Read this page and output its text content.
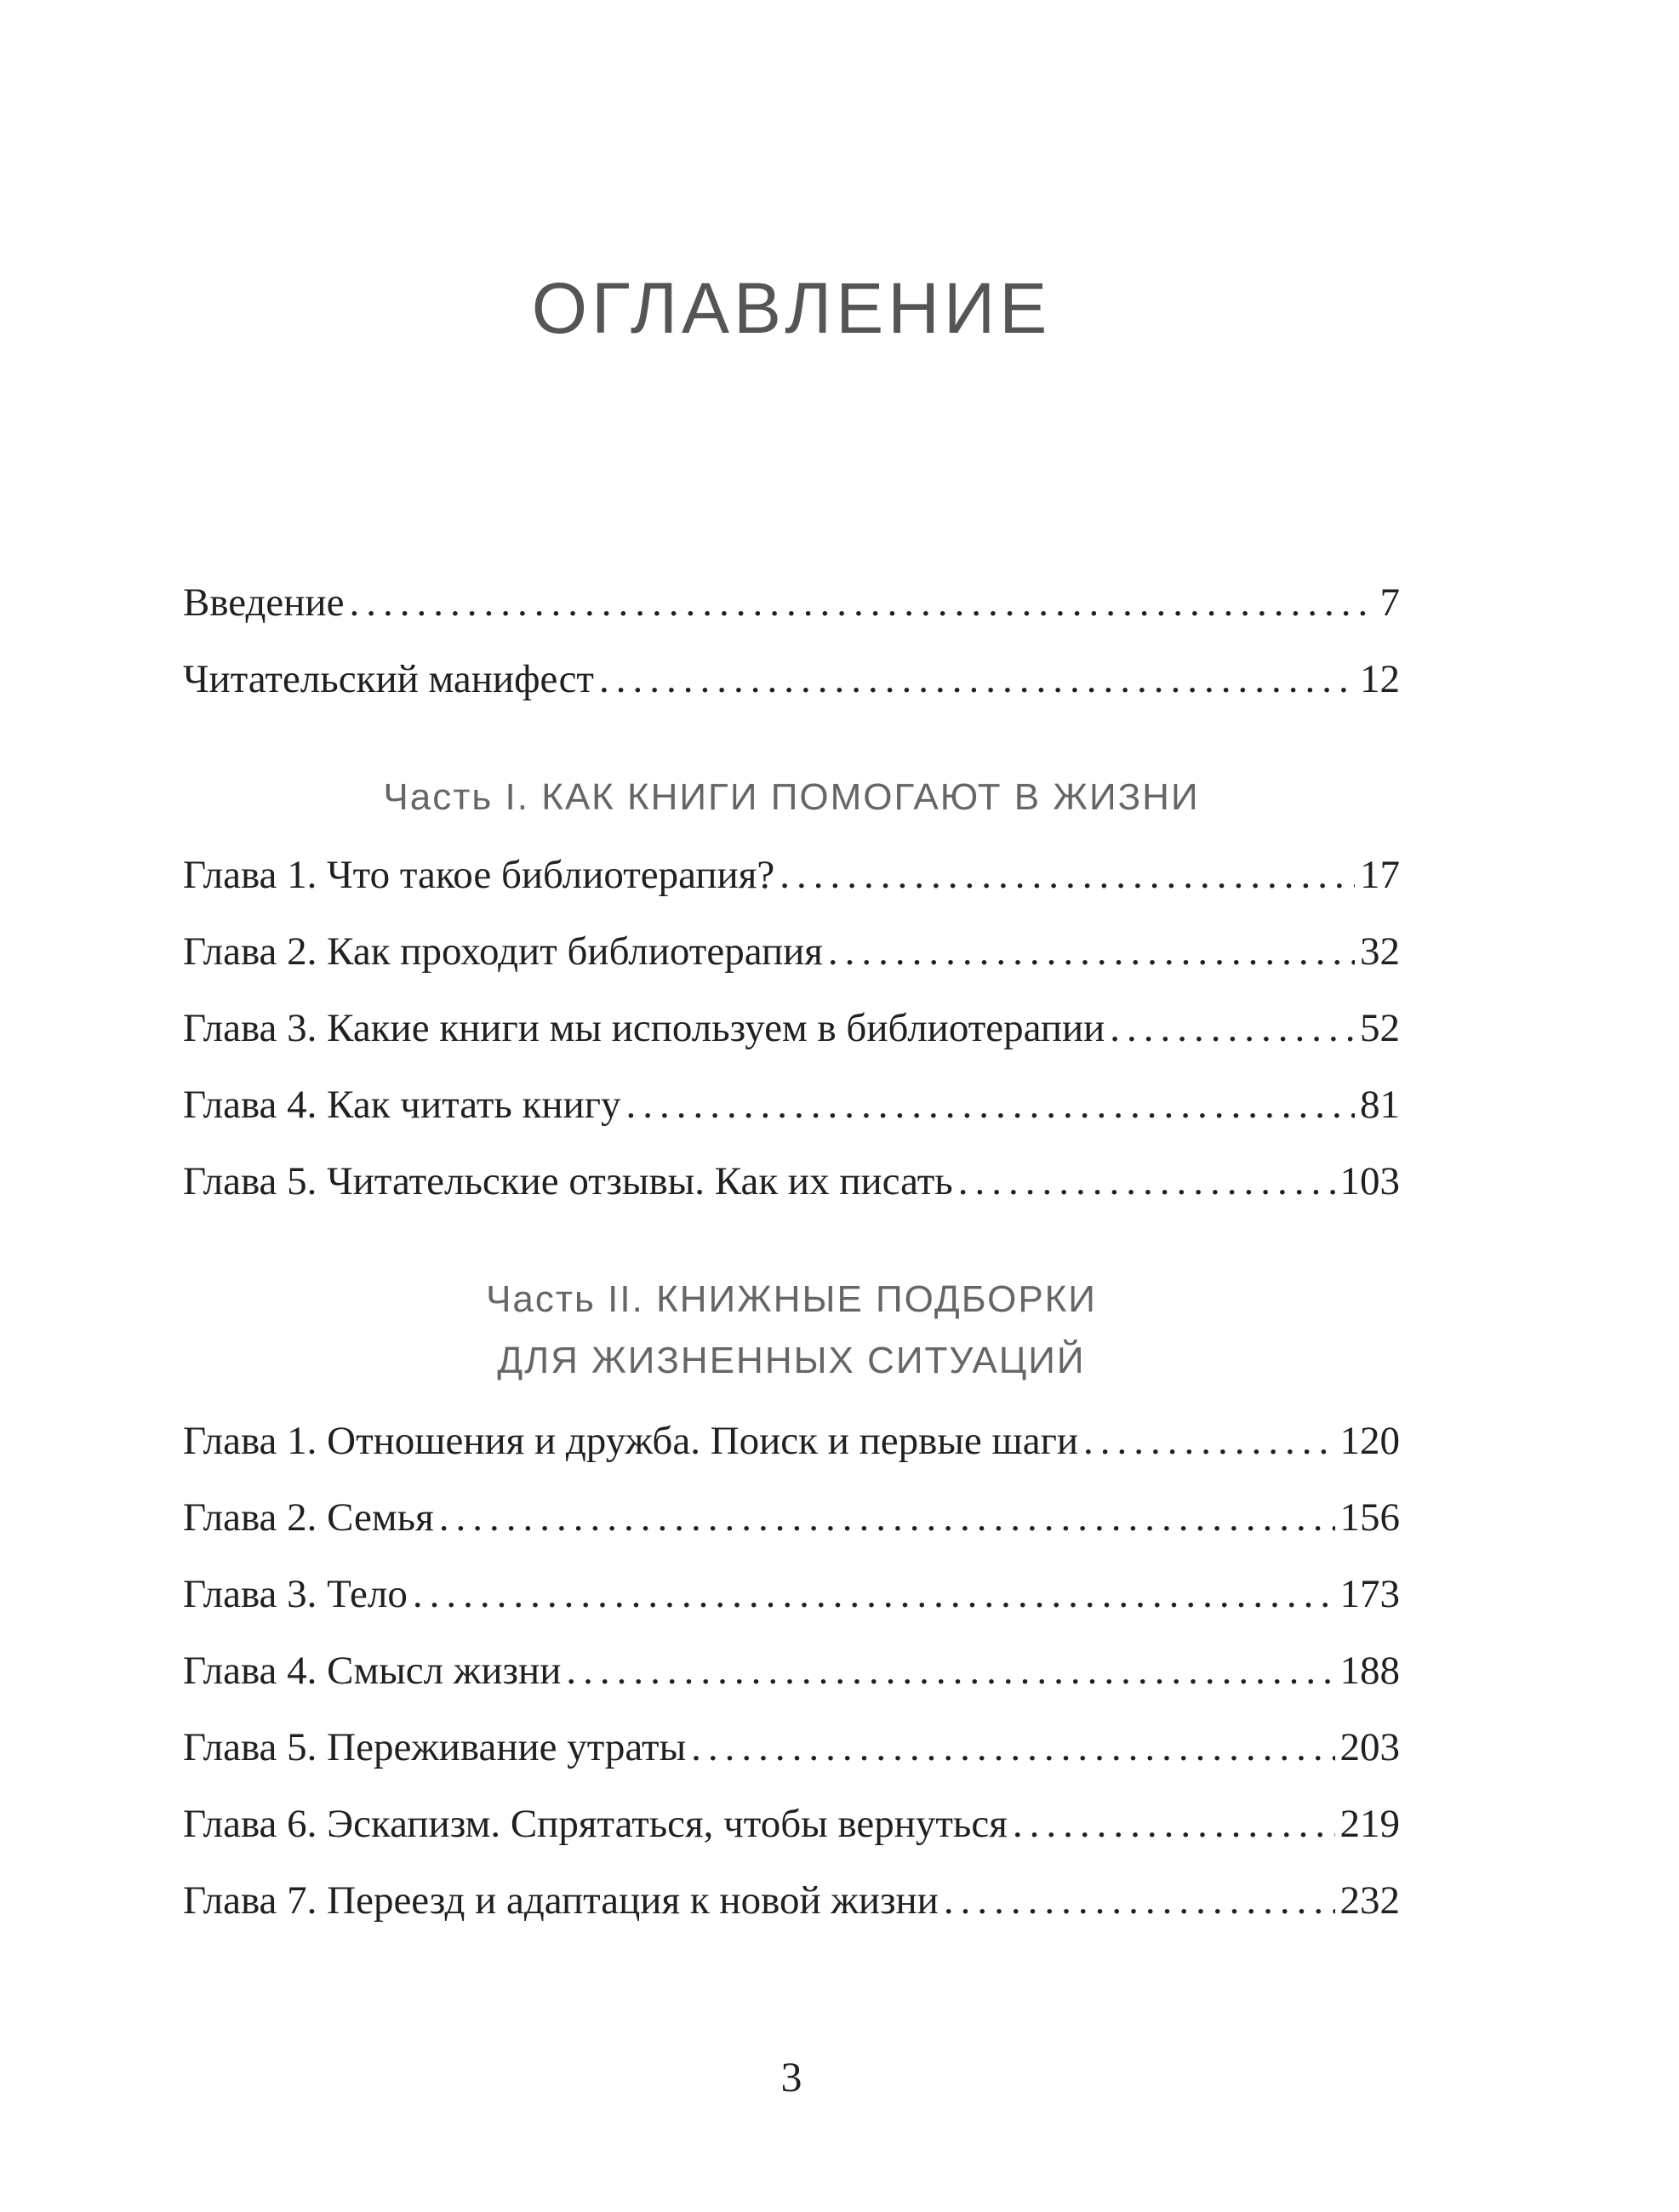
ОГЛАВЛЕНИЕ
Введение .....	7
Читательский манифест .....	12
Часть I. КАК КНИГИ ПОМОГАЮТ В ЖИЗНИ
Глава 1. Что такое библиотерапия? .....	17
Глава 2. Как проходит библиотерапия .....	32
Глава 3. Какие книги мы используем в библиотерапии .....	52
Глава 4. Как читать книгу .....	81
Глава 5. Читательские отзывы. Как их писать .....	103
Часть II. КНИЖНЫЕ ПОДБОРКИ
ДЛЯ ЖИЗНЕННЫХ СИТУАЦИЙ
Глава 1. Отношения и дружба. Поиск и первые шаги .....	120
Глава 2. Семья .....	156
Глава 3. Тело .....	173
Глава 4. Смысл жизни .....	188
Глава 5. Переживание утраты .....	203
Глава 6. Эскапизм. Спрятаться, чтобы вернуться .....	219
Глава 7. Переезд и адаптация к новой жизни .....	232
3
